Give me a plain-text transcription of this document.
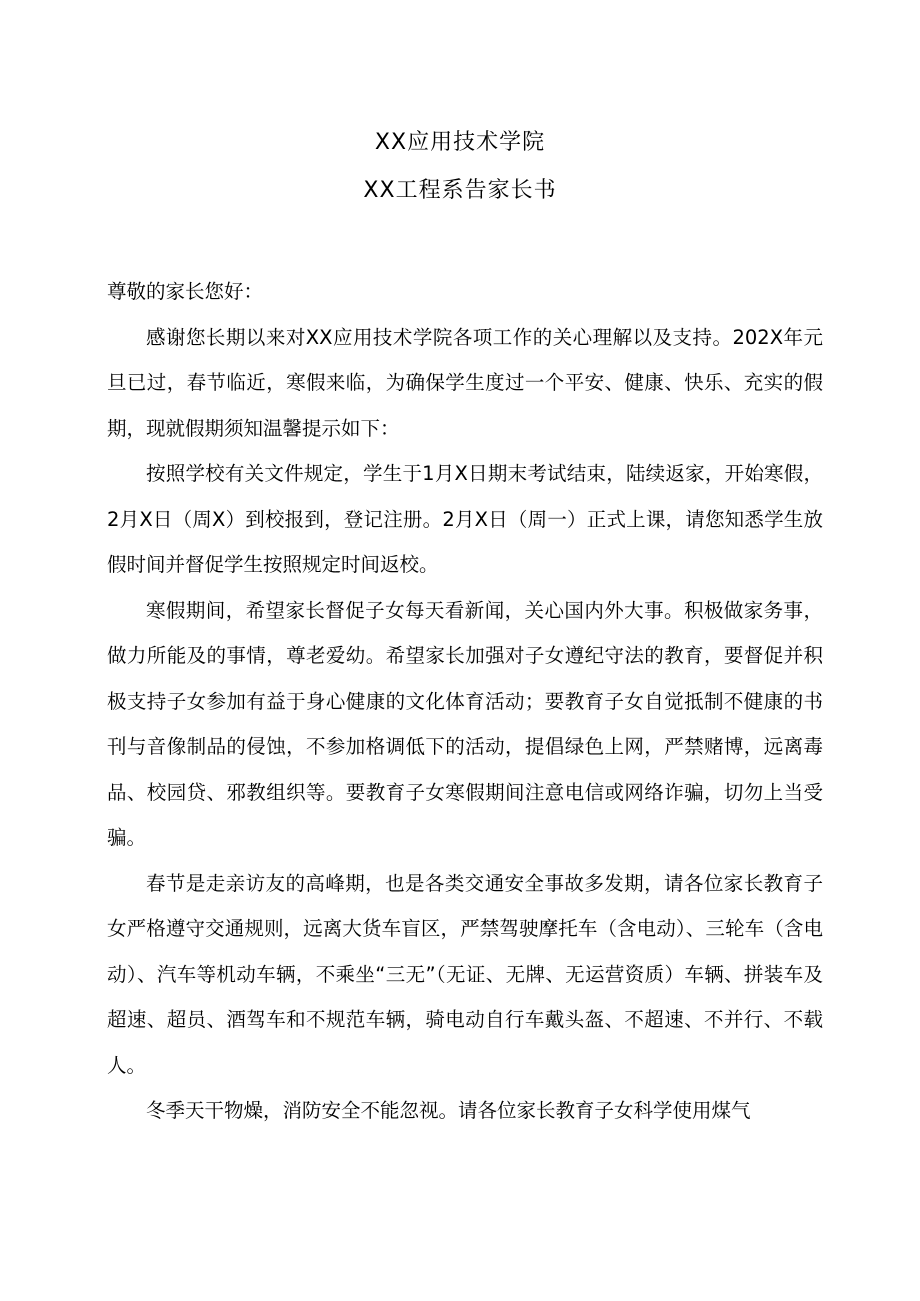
XX应用技术学院
XX工程系告家长书

尊敬的家长您好：

感谢您长期以来对XX应用技术学院各项工作的关心理解以及支持。202X年元旦已过，春节临近，寒假来临，为确保学生度过一个平安、健康、快乐、充实的假期，现就假期须知温馨提示如下：

按照学校有关文件规定，学生于1月X日期末考试结束，陆续返家，开始寒假，2月X日（周X）到校报到，登记注册。2月X日（周一）正式上课，请您知悉学生放假时间并督促学生按照规定时间返校。

寒假期间，希望家长督促子女每天看新闻，关心国内外大事。积极做家务事，做力所能及的事情，尊老爱幼。希望家长加强对子女遵纪守法的教育，要督促并积极支持子女参加有益于身心健康的文化体育活动；要教育子女自觉抵制不健康的书刊与音像制品的侵蚀，不参加格调低下的活动，提倡绿色上网，严禁赌博，远离毒品、校园贷、邪教组织等。要教育子女寒假期间注意电信或网络诈骗，切勿上当受骗。

春节是走亲访友的高峰期，也是各类交通安全事故多发期，请各位家长教育子女严格遵守交通规则，远离大货车盲区，严禁驾驶摩托车（含电动）、三轮车（含电动）、汽车等机动车辆，不乘坐“三无”（无证、无牌、无运营资质）车辆、拼装车及超速、超员、酒驾车和不规范车辆，骑电动自行车戴头盔、不超速、不并行、不载人。

冬季天干物燥，消防安全不能忽视。请各位家长教育子女科学使用煤气
